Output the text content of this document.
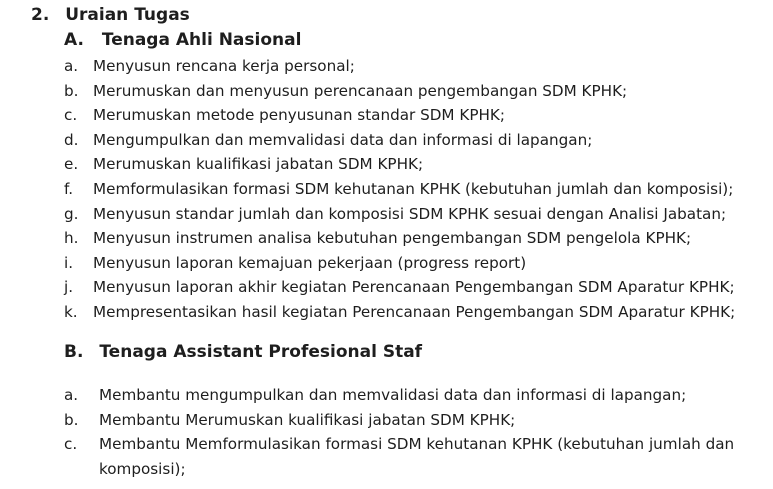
2. Uraian Tugas
A. Tenaga Ahli Nasional
a. Menyusun rencana kerja personal;
b. Merumuskan dan menyusun perencanaan pengembangan SDM KPHK;
c. Merumuskan metode penyusunan standar SDM KPHK;
d. Mengumpulkan dan memvalidasi data dan informasi di lapangan;
e. Merumuskan kualifikasi jabatan SDM KPHK;
f. Memformulasikan formasi SDM kehutanan KPHK (kebutuhan jumlah dan komposisi);
g. Menyusun standar jumlah dan komposisi SDM KPHK sesuai dengan Analisi Jabatan;
h. Menyusun instrumen analisa kebutuhan pengembangan SDM pengelola KPHK;
i. Menyusun laporan kemajuan pekerjaan (progress report)
j. Menyusun laporan akhir kegiatan Perencanaan Pengembangan SDM Aparatur KPHK;
k. Mempresentasikan hasil kegiatan Perencanaan Pengembangan SDM Aparatur KPHK;
B. Tenaga Assistant Profesional Staf
a. Membantu mengumpulkan dan memvalidasi data dan informasi di lapangan;
b. Membantu Merumuskan kualifikasi jabatan SDM KPHK;
c. Membantu Memformulasikan formasi SDM kehutanan KPHK (kebutuhan jumlah dan komposisi);
